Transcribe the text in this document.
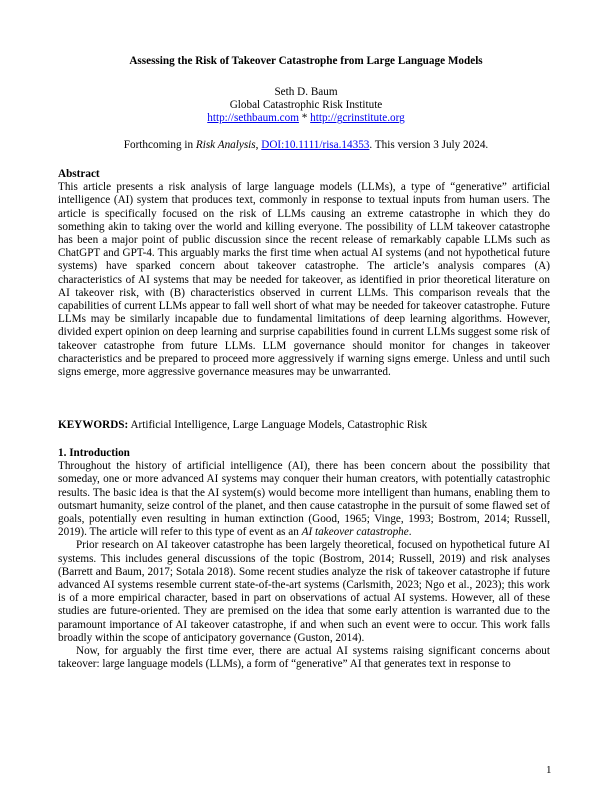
Assessing the Risk of Takeover Catastrophe from Large Language Models
Seth D. Baum
Global Catastrophic Risk Institute
http://sethbaum.com * http://gcrinstitute.org
Forthcoming in Risk Analysis, DOI:10.1111/risa.14353. This version 3 July 2024.
Abstract

This article presents a risk analysis of large language models (LLMs), a type of “generative” artificial intelligence (AI) system that produces text, commonly in response to textual inputs from human users. The article is specifically focused on the risk of LLMs causing an extreme catastrophe in which they do something akin to taking over the world and killing everyone. The possibility of LLM takeover catastrophe has been a major point of public discussion since the recent release of remarkably capable LLMs such as ChatGPT and GPT-4. This arguably marks the first time when actual AI systems (and not hypothetical future systems) have sparked concern about takeover catastrophe. The article’s analysis compares (A) characteristics of AI systems that may be needed for takeover, as identified in prior theoretical literature on AI takeover risk, with (B) characteristics observed in current LLMs. This comparison reveals that the capabilities of current LLMs appear to fall well short of what may be needed for takeover catastrophe. Future LLMs may be similarly incapable due to fundamental limitations of deep learning algorithms. However, divided expert opinion on deep learning and surprise capabilities found in current LLMs suggest some risk of takeover catastrophe from future LLMs. LLM governance should monitor for changes in takeover characteristics and be prepared to proceed more aggressively if warning signs emerge. Unless and until such signs emerge, more aggressive governance measures may be unwarranted.

KEYWORDS: Artificial Intelligence, Large Language Models, Catastrophic Risk
1. Introduction

Throughout the history of artificial intelligence (AI), there has been concern about the possibility that someday, one or more advanced AI systems may conquer their human creators, with potentially catastrophic results. The basic idea is that the AI system(s) would become more intelligent than humans, enabling them to outsmart humanity, seize control of the planet, and then cause catastrophe in the pursuit of some flawed set of goals, potentially even resulting in human extinction (Good, 1965; Vinge, 1993; Bostrom, 2014; Russell, 2019). The article will refer to this type of event as an AI takeover catastrophe.

Prior research on AI takeover catastrophe has been largely theoretical, focused on hypothetical future AI systems. This includes general discussions of the topic (Bostrom, 2014; Russell, 2019) and risk analyses (Barrett and Baum, 2017; Sotala 2018). Some recent studies analyze the risk of takeover catastrophe if future advanced AI systems resemble current state-of-the-art systems (Carlsmith, 2023; Ngo et al., 2023); this work is of a more empirical character, based in part on observations of actual AI systems. However, all of these studies are future-oriented. They are premised on the idea that some early attention is warranted due to the paramount importance of AI takeover catastrophe, if and when such an event were to occur. This work falls broadly within the scope of anticipatory governance (Guston, 2014).

Now, for arguably the first time ever, there are actual AI systems raising significant concerns about takeover: large language models (LLMs), a form of “generative” AI that generates text in response to

1
